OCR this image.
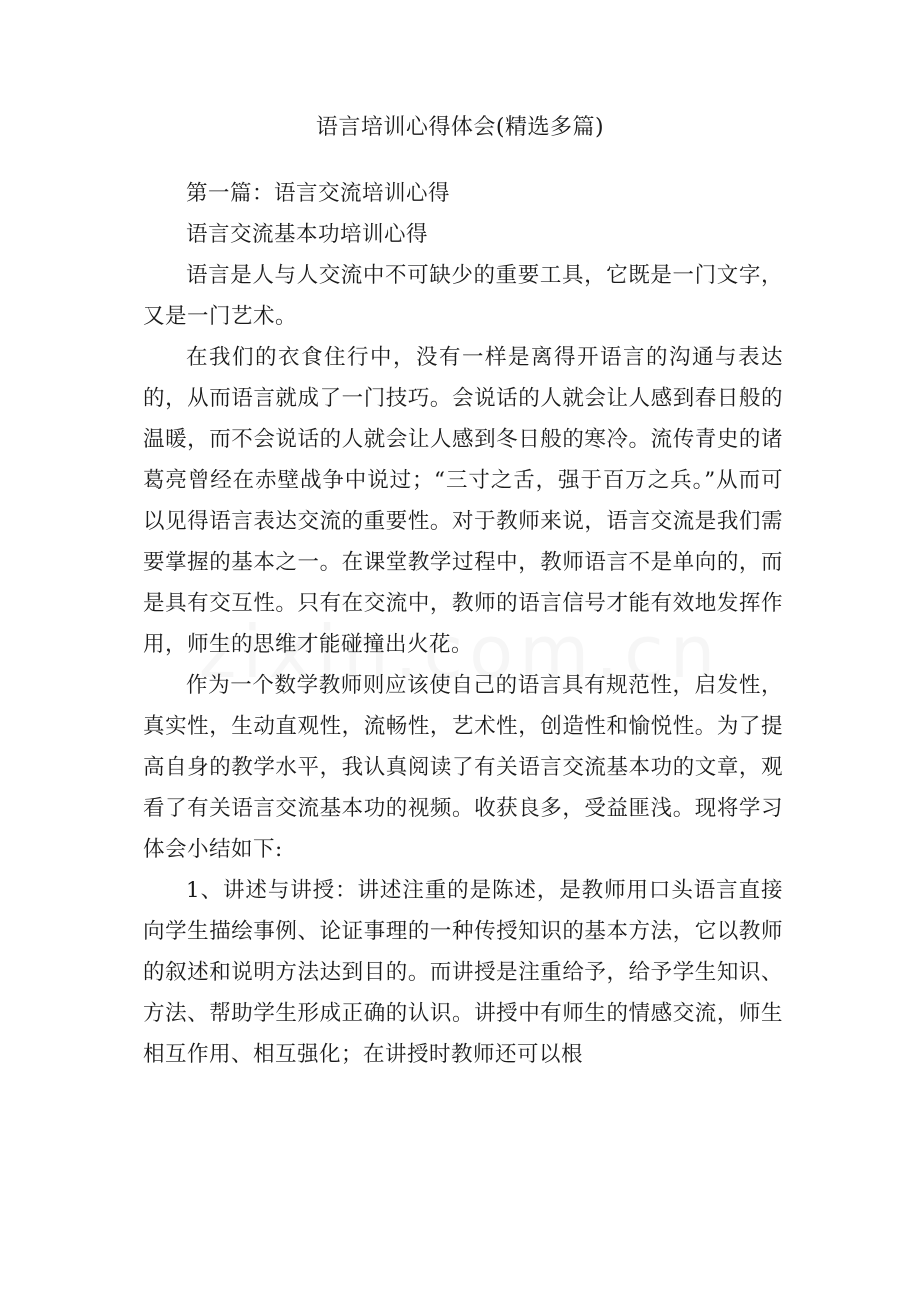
语言培训心得体会(精选多篇)

第一篇：语言交流培训心得

语言交流基本功培训心得

语言是人与人交流中不可缺少的重要工具，它既是一门文字，又是一门艺术。

在我们的衣食住行中，没有一样是离得开语言的沟通与表达的，从而语言就成了一门技巧。会说话的人就会让人感到春日般的温暖，而不会说话的人就会让人感到冬日般的寒冷。流传青史的诸葛亮曾经在赤壁战争中说过；“三寸之舌，强于百万之兵。”从而可以见得语言表达交流的重要性。对于教师来说，语言交流是我们需要掌握的基本之一。在课堂教学过程中，教师语言不是单向的，而是具有交互性。只有在交流中，教师的语言信号才能有效地发挥作用，师生的思维才能碰撞出火花。

作为一个数学教师则应该使自己的语言具有规范性，启发性，真实性，生动直观性，流畅性，艺术性，创造性和愉悦性。为了提高自身的教学水平，我认真阅读了有关语言交流基本功的文章，观看了有关语言交流基本功的视频。收获良多，受益匪浅。现将学习体会小结如下:

1、讲述与讲授：讲述注重的是陈述，是教师用口头语言直接向学生描绘事例、论证事理的一种传授知识的基本方法，它以教师的叙述和说明方法达到目的。而讲授是注重给予，给予学生知识、方法、帮助学生形成正确的认识。讲授中有师生的情感交流，师生相互作用、相互强化；在讲授时教师还可以根
